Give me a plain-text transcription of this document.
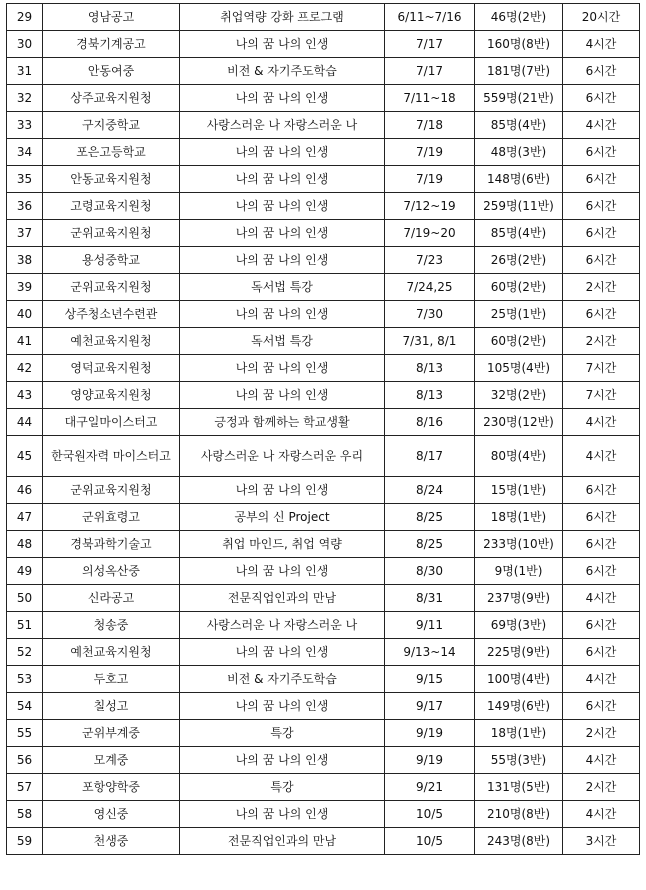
29	영남공고	취업역량 강화 프로그램	6/11~7/16	46명(2반)	20시간
30	경북기계공고	나의 꿈 나의 인생	7/17	160명(8반)	4시간
31	안동여중	비전 & 자기주도학습	7/17	181명(7반)	6시간
32	상주교육지원청	나의 꿈 나의 인생	7/11~18	559명(21반)	6시간
33	구지중학교	사랑스러운 나 자랑스러운 나	7/18	85명(4반)	4시간
34	포은고등학교	나의 꿈 나의 인생	7/19	48명(3반)	6시간
35	안동교육지원청	나의 꿈 나의 인생	7/19	148명(6반)	6시간
36	고령교육지원청	나의 꿈 나의 인생	7/12~19	259명(11반)	6시간
37	군위교육지원청	나의 꿈 나의 인생	7/19~20	85명(4반)	6시간
38	용성중학교	나의 꿈 나의 인생	7/23	26명(2반)	6시간
39	군위교육지원청	독서법 특강	7/24,25	60명(2반)	2시간
40	상주청소년수련관	나의 꿈 나의 인생	7/30	25명(1반)	6시간
41	예천교육지원청	독서법 특강	7/31, 8/1	60명(2반)	2시간
42	영덕교육지원청	나의 꿈 나의 인생	8/13	105명(4반)	7시간
43	영양교육지원청	나의 꿈 나의 인생	8/13	32명(2반)	7시간
44	대구일마이스터고	긍정과 함께하는 학교생활	8/16	230명(12반)	4시간
45	한국원자력 마이스터고	사랑스러운 나 자랑스러운 우리	8/17	80명(4반)	4시간
46	군위교육지원청	나의 꿈 나의 인생	8/24	15명(1반)	6시간
47	군위효령고	공부의 신 Project	8/25	18명(1반)	6시간
48	경북과학기술고	취업 마인드, 취업 역량	8/25	233명(10반)	6시간
49	의성옥산중	나의 꿈 나의 인생	8/30	9명(1반)	6시간
50	신라공고	전문직업인과의 만남	8/31	237명(9반)	4시간
51	청송중	사랑스러운 나 자랑스러운 나	9/11	69명(3반)	6시간
52	예천교육지원청	나의 꿈 나의 인생	9/13~14	225명(9반)	6시간
53	두호고	비전 & 자기주도학습	9/15	100명(4반)	4시간
54	칠성고	나의 꿈 나의 인생	9/17	149명(6반)	6시간
55	군위부계중	특강	9/19	18명(1반)	2시간
56	모계중	나의 꿈 나의 인생	9/19	55명(3반)	4시간
57	포항양학중	특강	9/21	131명(5반)	2시간
58	영신중	나의 꿈 나의 인생	10/5	210명(8반)	4시간
59	천생중	전문직업인과의 만남	10/5	243명(8반)	3시간
